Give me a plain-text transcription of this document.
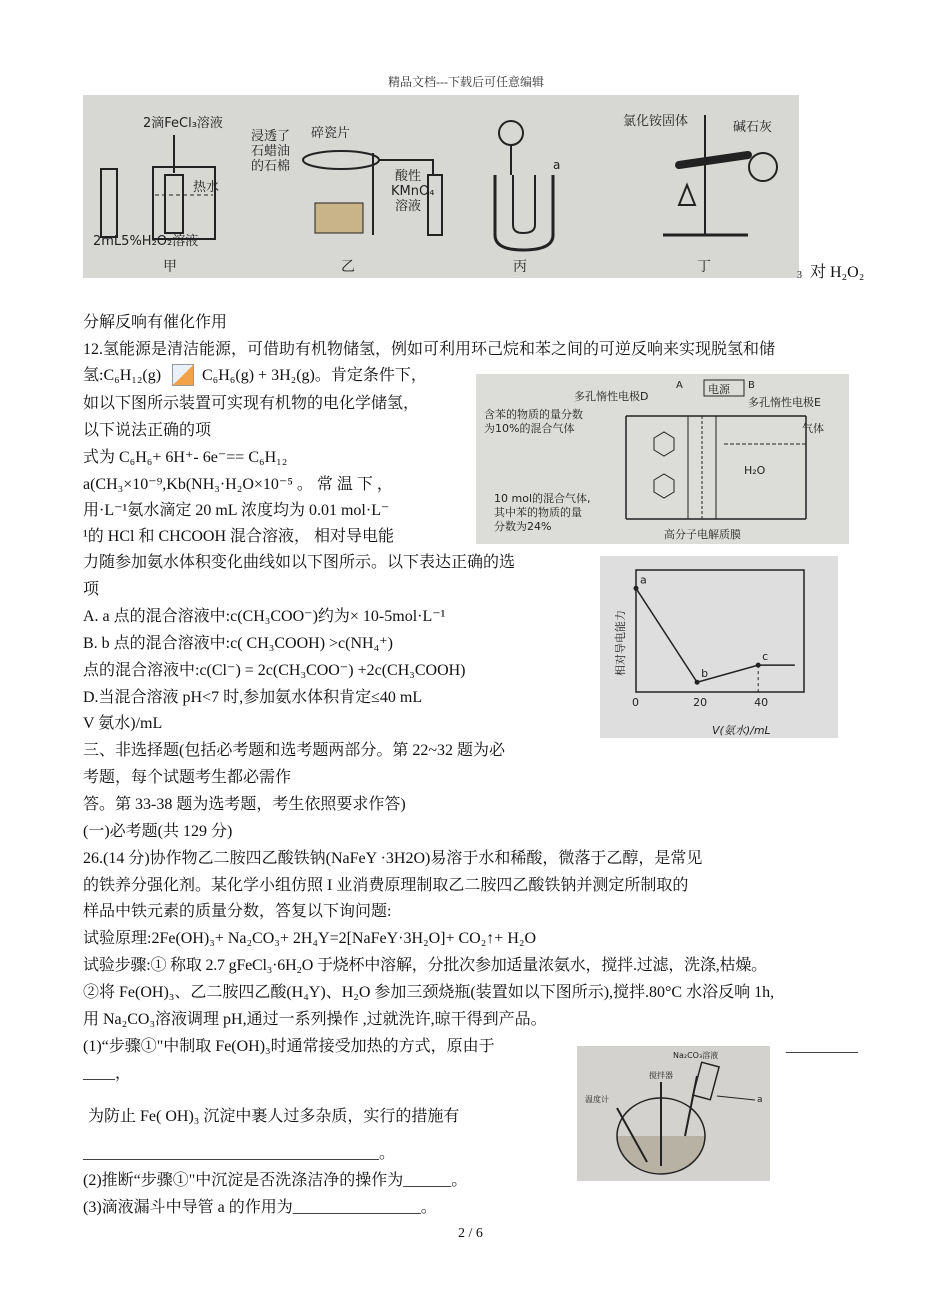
精品文档---下载后可任意编辑
2滴FeCl₃溶液
热水
2mL5%H₂O₂溶液
甲
浸透了
石蜡油
的石棉
碎瓷片
酸性
KMnO₄
溶液
乙
a
丙
氯化铵固体	碱石灰
丁
3 对 H₂O₂
分解反响有催化作用
12.氢能源是清洁能源，可借助有机物储氢，例如可利用环己烷和苯之间的可逆反响来实现脱氢和储
氢:C₆H₁₂(g)	C₆H₆(g) + 3H₂(g)。肯定条件下，
如以下图所示装置可实现有机物的电化学储氢，
以下说法正确的项
式为 C₆H₆+ 6H⁺- 6e⁻== C₆H₁₂
电源
A	B
多孔惰性电极D	多孔惰性电极E
含苯的物质的量分数
为10%的混合气体	气体
H₂O
10 mol的混合气体,
其中苯的物质的量
分数为24%
高分子电解质膜
a(CH₃×10⁻⁹,Kb(NH₃·H₂O×10⁻⁵ 。 常 温 下 ，
用·L⁻¹氨水滴定 20 mL 浓度均为 0.01 mol·L⁻
¹的 HCl 和 CHCOOH 混合溶液， 相对导电能
力随参加氨水体积变化曲线如以下图所示。以下表达正确的选
项
A. a 点的混合溶液中:c(CH₃COO⁻)约为× 10-5mol·L⁻¹
B. b 点的混合溶液中:c( CH₃COOH) >c(NH₄⁺)
点的混合溶液中:c(Cl⁻) = 2c(CH₃COO⁻) +2c(CH₃COOH)
D.当混合溶液 pH<7 时,参加氨水体积肯定≤40 mL
V 氨水)/mL
相对导电能力
V(氨水)/mL
a
b
c
0	20	40
三、非选择题(包括必考题和选考题两部分。第 22~32 题为必
考题，每个试题考生都必需作
答。第 33-38 题为选考题，考生依照要求作答)
(一)必考题(共 129 分)
26.(14 分)协作物乙二胺四乙酸铁钠(NaFeY ·3H2O)易溶于水和稀酸，微落于乙醇，是常见
的铁养分强化剂。某化学小组仿照 I 业消费原理制取乙二胺四乙酸铁钠并测定所制取的
样品中铁元素的质量分数，答复以下询问题:
试验原理:2Fe(OH)₃+ Na₂CO₃+ 2H₄Y=2[NaFeY·3H₂O]+ CO₂↑+ H₂O
试验步骤:① 称取 2.7 gFeCl₃·6H₂O 于烧杯中溶解，分批次参加适量浓氨水，搅拌.过滤，洗涤,枯燥。
②将 Fe(OH)₃、乙二胺四乙酸(H₄Y)、H₂O 参加三颈烧瓶(装置如以下图所示),搅拌.80°C 水浴反响 1h,
用 Na₂CO₃溶液调理 pH,通过一系列操作 ,过就洗许,晾干得到产品。
(1)“步骤①"中制取 Fe(OH)₃时通常接受加热的方式，原由于	_________
____，
为防止 Fe( OH)₃ 沉淀中裹人过多杂质，实行的措施有
_____________________________________。
(2)推断“步骤①"中沉淀是否洗涤洁净的操作为______。
(3)滴液漏斗中导管 a 的作用为________________。
Na₂CO₃溶液
搅拌器
温度计	a
2 / 6
